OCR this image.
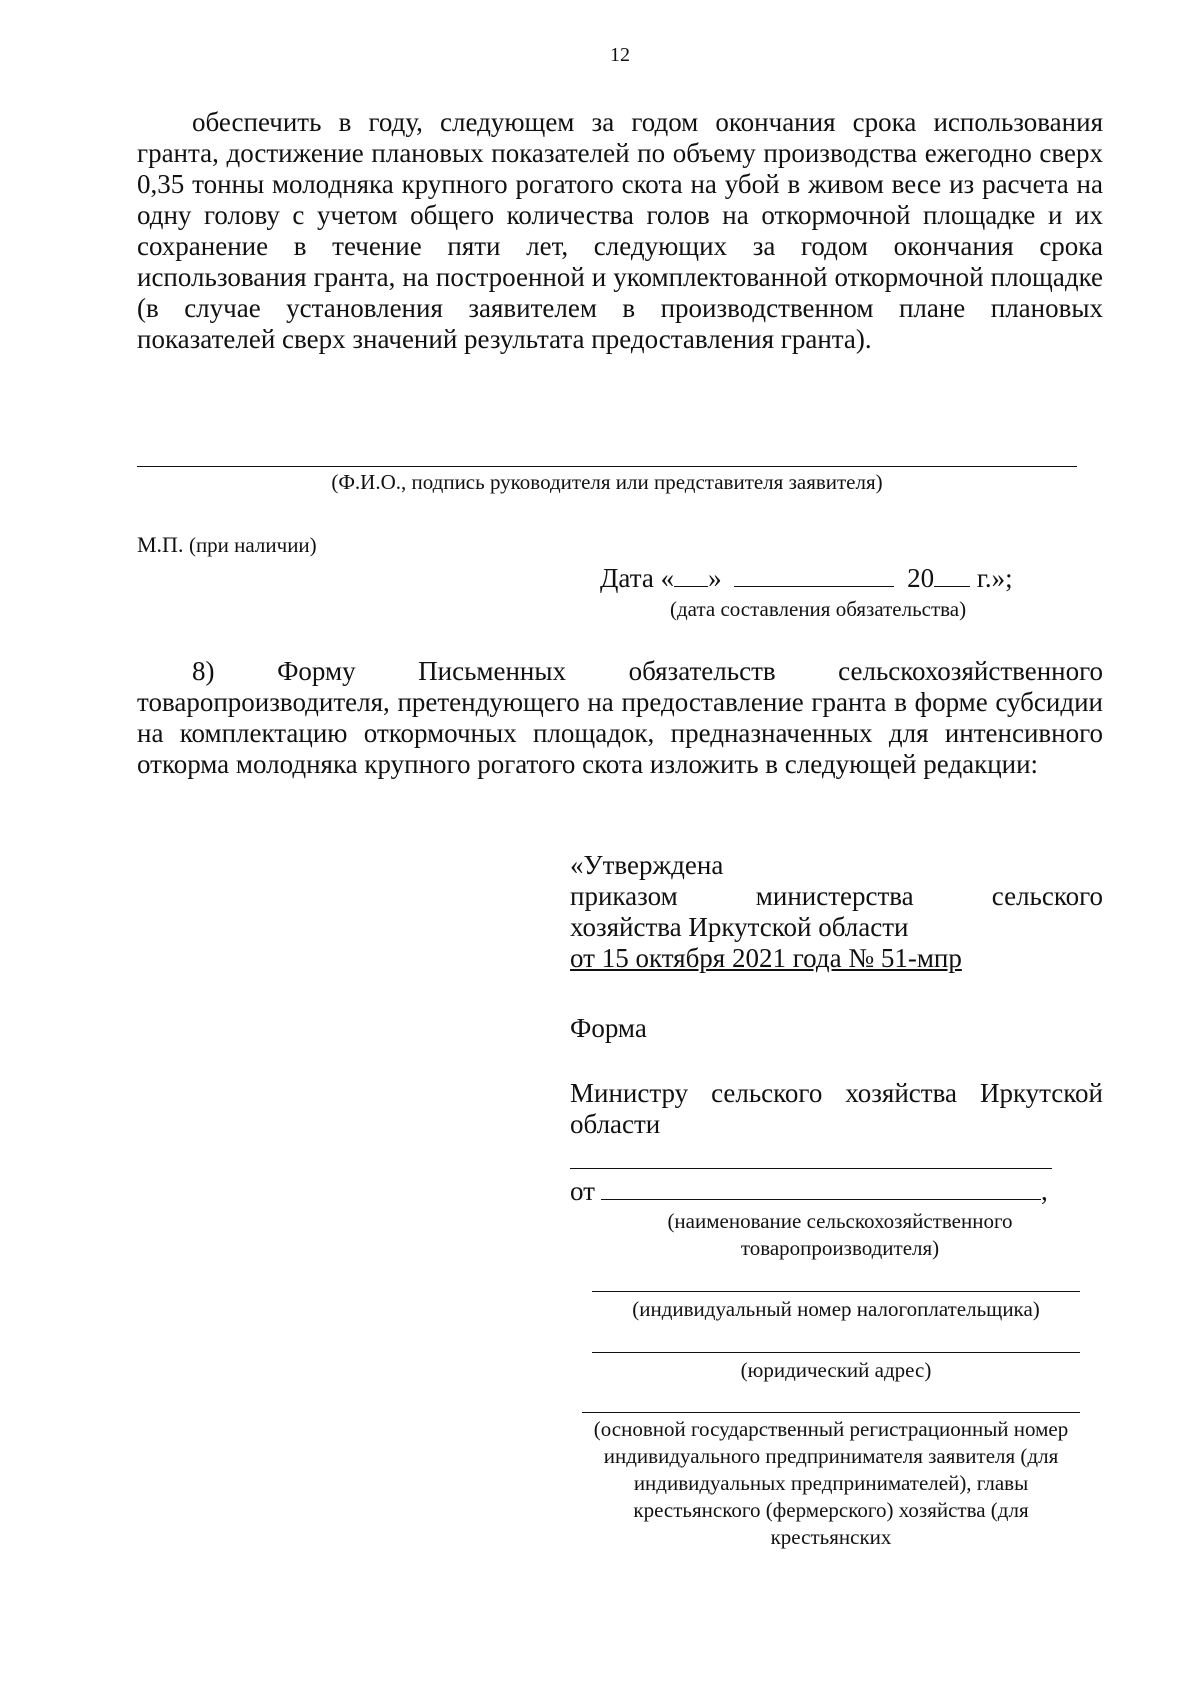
12
обеспечить в году, следующем за годом окончания срока использования гранта, достижение плановых показателей по объему производства ежегодно сверх 0,35 тонны молодняка крупного рогатого скота на убой в живом весе из расчета на одну голову с учетом общего количества голов на откормочной площадке и их сохранение в течение пяти лет, следующих за годом окончания срока использования гранта, на построенной и укомплектованной откормочной площадке (в случае установления заявителем в производственном плане плановых показателей сверх значений результата предоставления гранта).
(Ф.И.О., подпись руководителя или представителя заявителя)
М.П. (при наличии)
Дата « »	20 г.»;
(дата составления обязательства)
8) Форму Письменных обязательств сельскохозяйственного товаропроизводителя, претендующего на предоставление гранта в форме субсидии на комплектацию откормочных площадок, предназначенных для интенсивного откорма молодняка крупного рогатого скота изложить в следующей редакции:
«Утверждена
приказом министерства сельского
хозяйства Иркутской области
от 15 октября 2021 года № 51-мпр
Форма
Министру сельского хозяйства Иркутской области
от	,
(наименование сельскохозяйственного товаропроизводителя)
(индивидуальный номер налогоплательщика)
(юридический адрес)
(основной государственный регистрационный номер индивидуального предпринимателя заявителя (для индивидуальных предпринимателей), главы крестьянского (фермерского) хозяйства (для крестьянских
